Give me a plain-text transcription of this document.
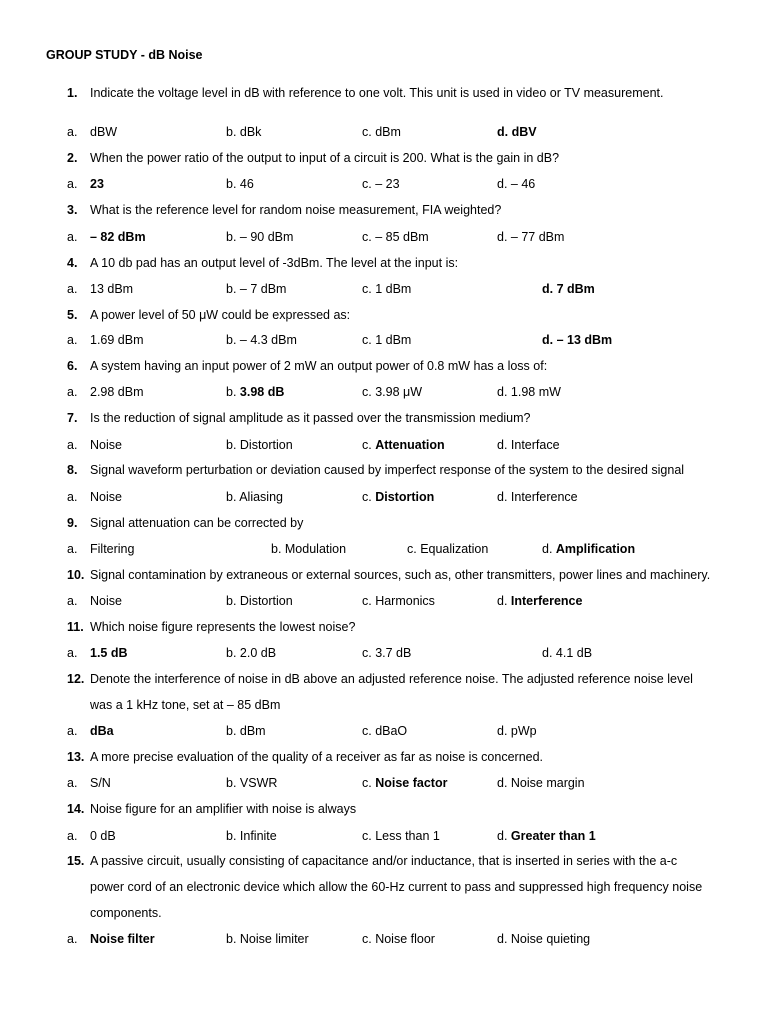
GROUP STUDY - dB Noise
1. Indicate the voltage level in dB with reference to one volt. This unit is used in video or TV measurement.
a. dBW	b. dBk	c. dBm	d. dBV
2. When the power ratio of the output to input of a circuit is 200. What is the gain in dB?
a. 23	b. 46	c. – 23	d. – 46
3. What is the reference level for random noise measurement, FIA weighted?
a. – 82 dBm	b. – 90 dBm	c. – 85 dBm	d. – 77 dBm
4. A 10 db pad has an output level of -3dBm. The level at the input is:
a. 13 dBm	b. – 7 dBm	c. 1 dBm	d. 7 dBm
5. A power level of 50 μW could be expressed as:
a. 1.69 dBm	b. – 4.3 dBm	c. 1 dBm	d. – 13 dBm
6. A system having an input power of 2 mW an output power of 0.8 mW has a loss of:
a. 2.98 dBm	b. 3.98 dB	c. 3.98 μW	d. 1.98 mW
7. Is the reduction of signal amplitude as it passed over the transmission medium?
a. Noise	b. Distortion	c. Attenuation	d. Interface
8. Signal waveform perturbation or deviation caused by imperfect response of the system to the desired signal
a. Noise	b. Aliasing	c. Distortion	d. Interference
9. Signal attenuation can be corrected by
a. Filtering	b. Modulation	c. Equalization	d. Amplification
10. Signal contamination by extraneous or external sources, such as, other transmitters, power lines and machinery.
a. Noise	b. Distortion	c. Harmonics	d. Interference
11. Which noise figure represents the lowest noise?
a. 1.5 dB	b. 2.0 dB	c. 3.7 dB	d. 4.1 dB
12. Denote the interference of noise in dB above an adjusted reference noise. The adjusted reference noise level
was a 1 kHz tone, set at – 85 dBm
a. dBa	b. dBm	c. dBaO	d. pWp
13. A more precise evaluation of the quality of a receiver as far as noise is concerned.
a. S/N	b. VSWR	c. Noise factor	d. Noise margin
14. Noise figure for an amplifier with noise is always
a. 0 dB	b. Infinite	c. Less than 1	d. Greater than 1
15. A passive circuit, usually consisting of capacitance and/or inductance, that is inserted in series with the a-c
power cord of an electronic device which allow the 60-Hz current to pass and suppressed high frequency noise
components.
a. Noise filter	b. Noise limiter	c. Noise floor	d. Noise quieting
